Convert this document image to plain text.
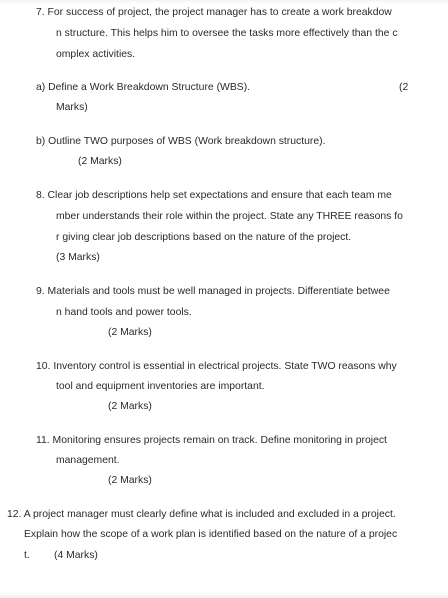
7. For success of project, the project manager has to create a work breakdow
n structure. This helps him to oversee the tasks more effectively than the c
omplex activities.
a) Define a Work Breakdown Structure (WBS).	(2
Marks)
b) Outline TWO purposes of WBS (Work breakdown structure).
(2 Marks)
8. Clear job descriptions help set expectations and ensure that each team me
mber understands their role within the project. State any THREE reasons fo
r giving clear job descriptions based on the nature of the project.
(3 Marks)
9. Materials and tools must be well managed in projects. Differentiate betwee
n hand tools and power tools.
(2 Marks)
10. Inventory control is essential in electrical projects. State TWO reasons why
tool and equipment inventories are important.
(2 Marks)
11. Monitoring ensures projects remain on track. Define monitoring in project
management.
(2 Marks)
12. A project manager must clearly define what is included and excluded in a project.
Explain how the scope of a work plan is identified based on the nature of a projec
t. (4 Marks)
